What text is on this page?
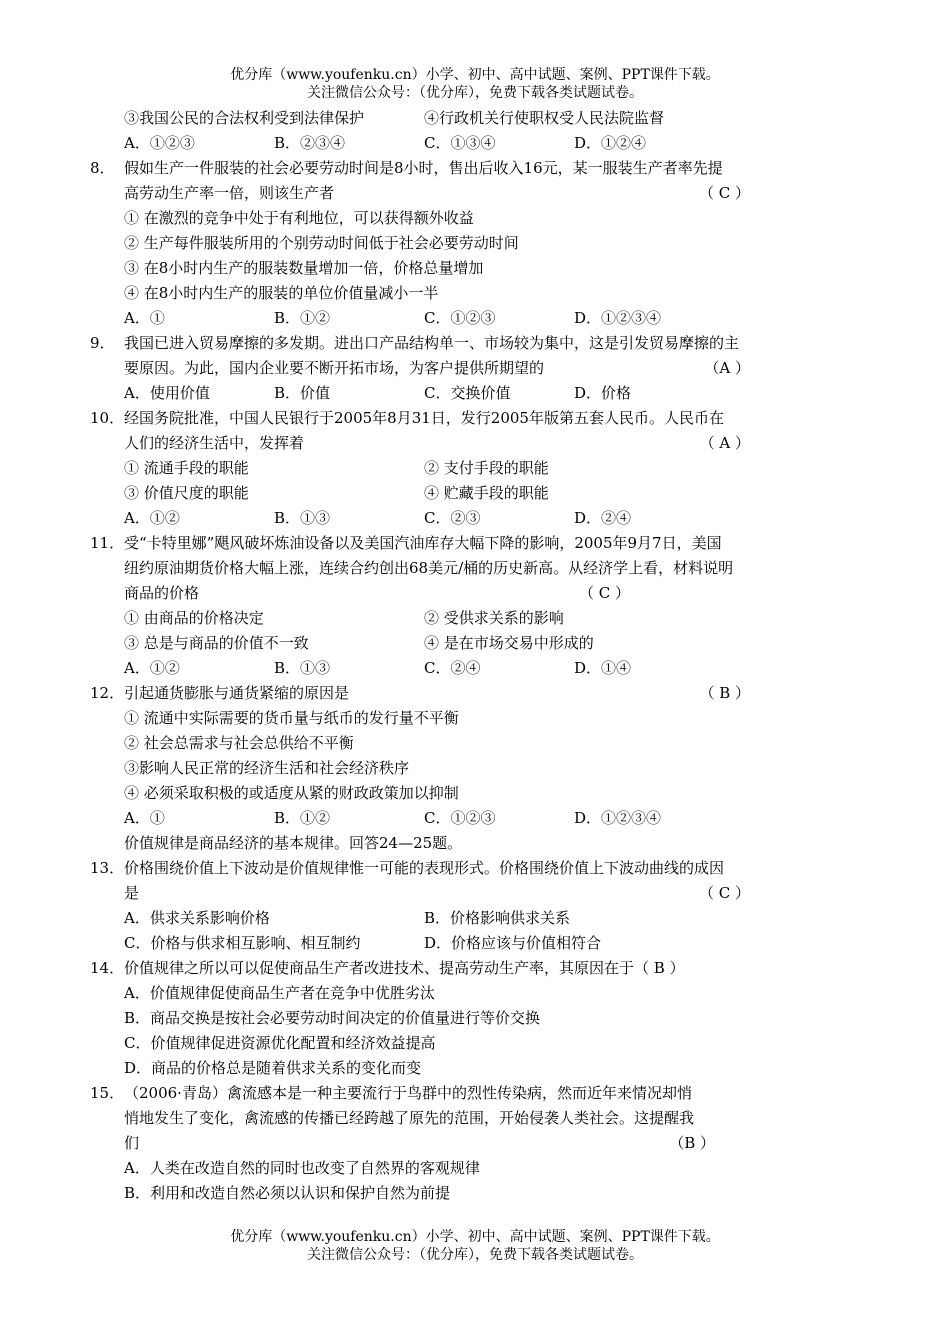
优分库（www.youfenku.cn）小学、初中、高中试题、案例、PPT课件下载。
关注微信公众号：（优分库），免费下载各类试题试卷。
③我国公民的合法权利受到法律保护	④行政机关行使职权受人民法院监督
A．①②③	B．②③④	C．①③④	D．①②④
8． 假如生产一件服装的社会必要劳动时间是8小时，售出后收入16元，某一服装生产者率先提
高劳动生产率一倍，则该生产者	（ C ）
① 在激烈的竞争中处于有利地位，可以获得额外收益
② 生产每件服装所用的个别劳动时间低于社会必要劳动时间
③ 在8小时内生产的服装数量增加一倍，价格总量增加
④ 在8小时内生产的服装的单位价值量减小一半
A．①	B．①②	C．①②③	D．①②③④
9． 我国已进入贸易摩擦的多发期。进出口产品结构单一、市场较为集中，这是引发贸易摩擦的主
要原因。为此，国内企业要不断开拓市场，为客户提供所期望的	（A ）
A．使用价值	B．价值	C．交换价值	D．价格
10．经国务院批准，中国人民银行于2005年8月31日，发行2005年版第五套人民币。人民币在
人们的经济生活中，发挥着	（ A ）
① 流通手段的职能	② 支付手段的职能
③ 价值尺度的职能	④ 贮藏手段的职能
A．①②	B．①③	C．②③	D．②④
11．受“卡特里娜”飓风破坏炼油设备以及美国汽油库存大幅下降的影响，2005年9月7日，美国
纽约原油期货价格大幅上涨，连续合约创出68美元/桶的历史新高。从经济学上看，材料说明
商品的价格	（ C ）
① 由商品的价格决定	② 受供求关系的影响
③ 总是与商品的价值不一致	④ 是在市场交易中形成的
A．①②	B．①③	C．②④	D．①④
12．引起通货膨胀与通货紧缩的原因是	（ B ）
① 流通中实际需要的货币量与纸币的发行量不平衡
② 社会总需求与社会总供给不平衡
③影响人民正常的经济生活和社会经济秩序
④ 必须采取积极的或适度从紧的财政政策加以抑制
A．①	B．①②	C．①②③	D．①②③④
价值规律是商品经济的基本规律。回答24—25题。
13．价格围绕价值上下波动是价值规律惟一可能的表现形式。价格围绕价值上下波动曲线的成因
是	（ C ）
A．供求关系影响价格	B．价格影响供求关系
C．价格与供求相互影响、相互制约	D．价格应该与价值相符合
14．价值规律之所以可以促使商品生产者改进技术、提高劳动生产率，其原因在于（ B ）
A．价值规律促使商品生产者在竞争中优胜劣汰
B．商品交换是按社会必要劳动时间决定的价值量进行等价交换
C．价值规律促进资源优化配置和经济效益提高
D．商品的价格总是随着供求关系的变化而变
15．（2006·青岛）禽流感本是一种主要流行于鸟群中的烈性传染病，然而近年来情况却悄
悄地发生了变化，禽流感的传播已经跨越了原先的范围，开始侵袭人类社会。这提醒我
们	（B ）
A．人类在改造自然的同时也改变了自然界的客观规律
B．利用和改造自然必须以认识和保护自然为前提
优分库（www.youfenku.cn）小学、初中、高中试题、案例、PPT课件下载。
关注微信公众号：（优分库），免费下载各类试题试卷。
